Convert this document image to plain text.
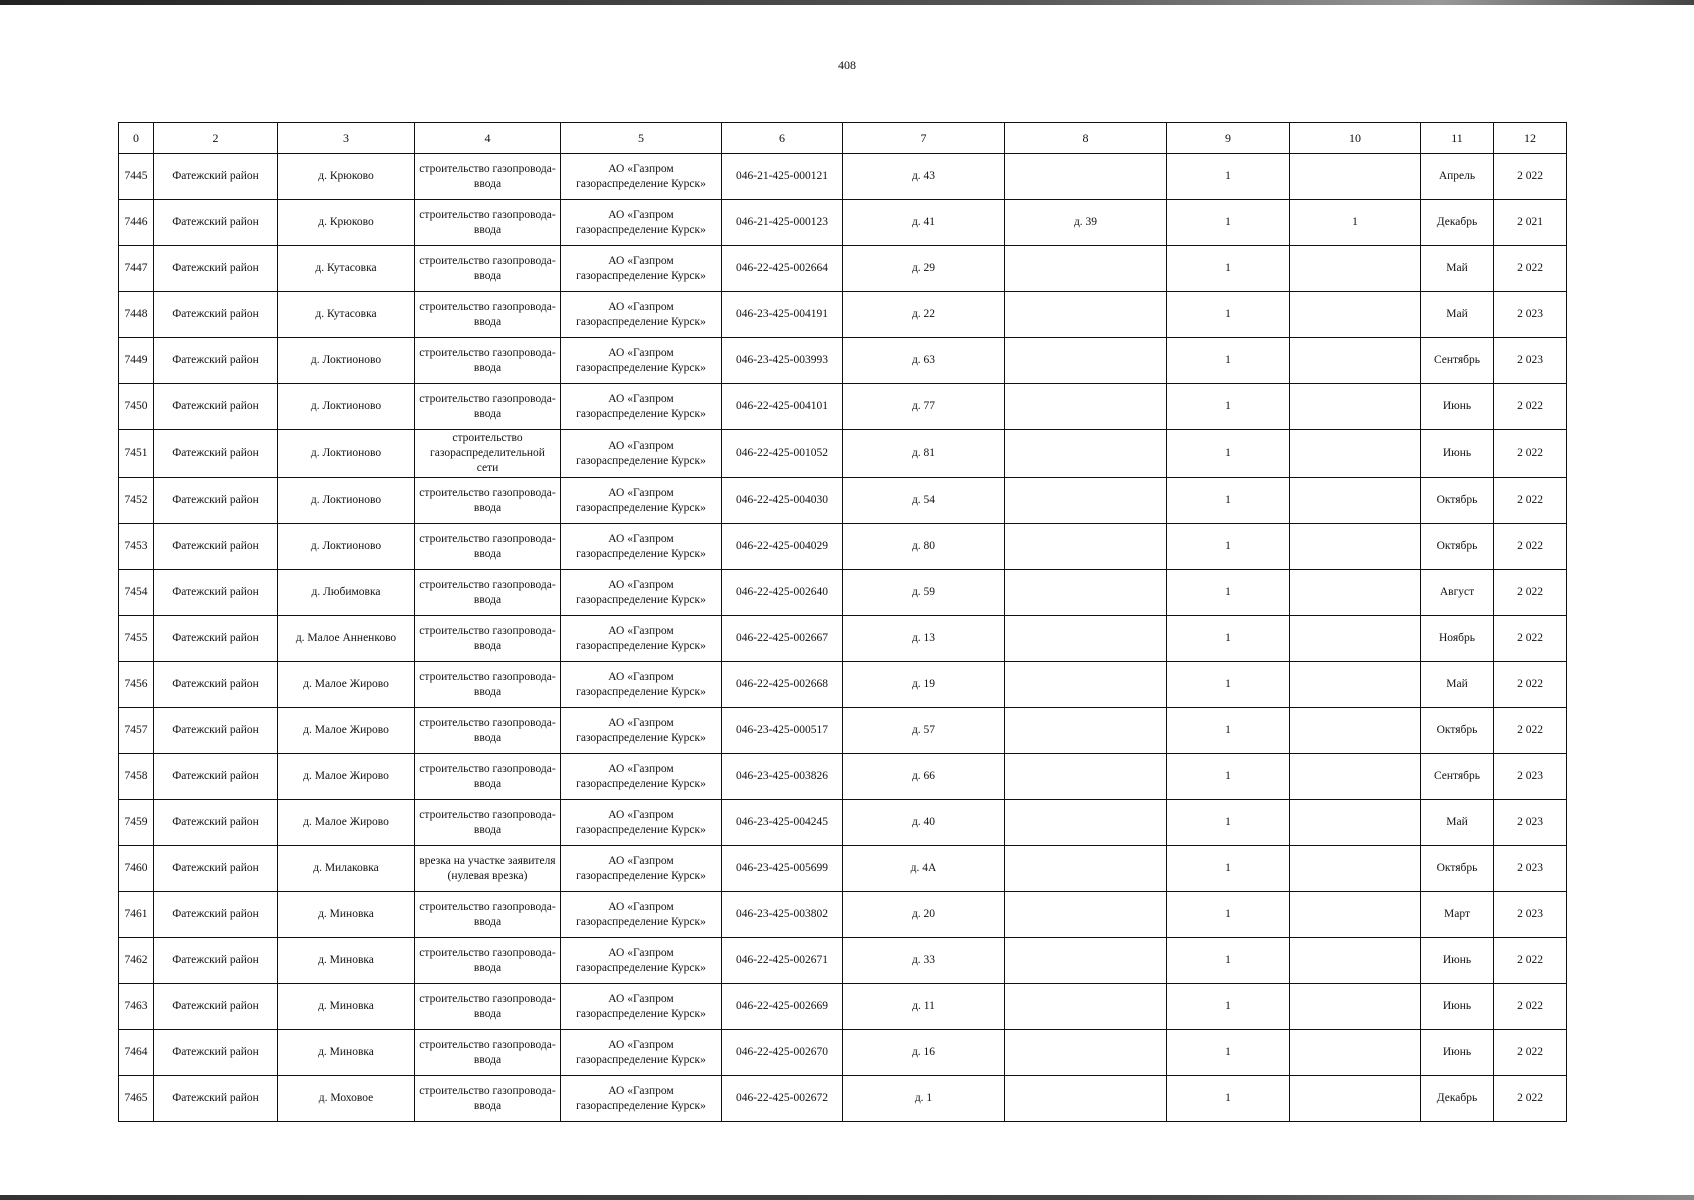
408
0	2	3	4	5	6	7	8	9	10	11	12
7445	Фатежский район	д. Крюково	строительство газопровода-ввода	АО «Газпром газораспределение Курск»	046-21-425-000121	д. 43		1		Апрель	2 022
7446	Фатежский район	д. Крюково	строительство газопровода-ввода	АО «Газпром газораспределение Курск»	046-21-425-000123	д. 41	д. 39	1	1	Декабрь	2 021
7447	Фатежский район	д. Кутасовка	строительство газопровода-ввода	АО «Газпром газораспределение Курск»	046-22-425-002664	д. 29		1		Май	2 022
7448	Фатежский район	д. Кутасовка	строительство газопровода-ввода	АО «Газпром газораспределение Курск»	046-23-425-004191	д. 22		1		Май	2 023
7449	Фатежский район	д. Локтионово	строительство газопровода-ввода	АО «Газпром газораспределение Курск»	046-23-425-003993	д. 63		1		Сентябрь	2 023
7450	Фатежский район	д. Локтионово	строительство газопровода-ввода	АО «Газпром газораспределение Курск»	046-22-425-004101	д. 77		1		Июнь	2 022
7451	Фатежский район	д. Локтионово	строительство газораспределительной сети	АО «Газпром газораспределение Курск»	046-22-425-001052	д. 81		1		Июнь	2 022
7452	Фатежский район	д. Локтионово	строительство газопровода-ввода	АО «Газпром газораспределение Курск»	046-22-425-004030	д. 54		1		Октябрь	2 022
7453	Фатежский район	д. Локтионово	строительство газопровода-ввода	АО «Газпром газораспределение Курск»	046-22-425-004029	д. 80		1		Октябрь	2 022
7454	Фатежский район	д. Любимовка	строительство газопровода-ввода	АО «Газпром газораспределение Курск»	046-22-425-002640	д. 59		1		Август	2 022
7455	Фатежский район	д. Малое Анненково	строительство газопровода-ввода	АО «Газпром газораспределение Курск»	046-22-425-002667	д. 13		1		Ноябрь	2 022
7456	Фатежский район	д. Малое Жирово	строительство газопровода-ввода	АО «Газпром газораспределение Курск»	046-22-425-002668	д. 19		1		Май	2 022
7457	Фатежский район	д. Малое Жирово	строительство газопровода-ввода	АО «Газпром газораспределение Курск»	046-23-425-000517	д. 57		1		Октябрь	2 022
7458	Фатежский район	д. Малое Жирово	строительство газопровода-ввода	АО «Газпром газораспределение Курск»	046-23-425-003826	д. 66		1		Сентябрь	2 023
7459	Фатежский район	д. Малое Жирово	строительство газопровода-ввода	АО «Газпром газораспределение Курск»	046-23-425-004245	д. 40		1		Май	2 023
7460	Фатежский район	д. Милаковка	врезка на участке заявителя (нулевая врезка)	АО «Газпром газораспределение Курск»	046-23-425-005699	д. 4А		1		Октябрь	2 023
7461	Фатежский район	д. Миновка	строительство газопровода-ввода	АО «Газпром газораспределение Курск»	046-23-425-003802	д. 20		1		Март	2 023
7462	Фатежский район	д. Миновка	строительство газопровода-ввода	АО «Газпром газораспределение Курск»	046-22-425-002671	д. 33		1		Июнь	2 022
7463	Фатежский район	д. Миновка	строительство газопровода-ввода	АО «Газпром газораспределение Курск»	046-22-425-002669	д. 11		1		Июнь	2 022
7464	Фатежский район	д. Миновка	строительство газопровода-ввода	АО «Газпром газораспределение Курск»	046-22-425-002670	д. 16		1		Июнь	2 022
7465	Фатежский район	д. Моховое	строительство газопровода-ввода	АО «Газпром газораспределение Курск»	046-22-425-002672	д. 1		1		Декабрь	2 022
